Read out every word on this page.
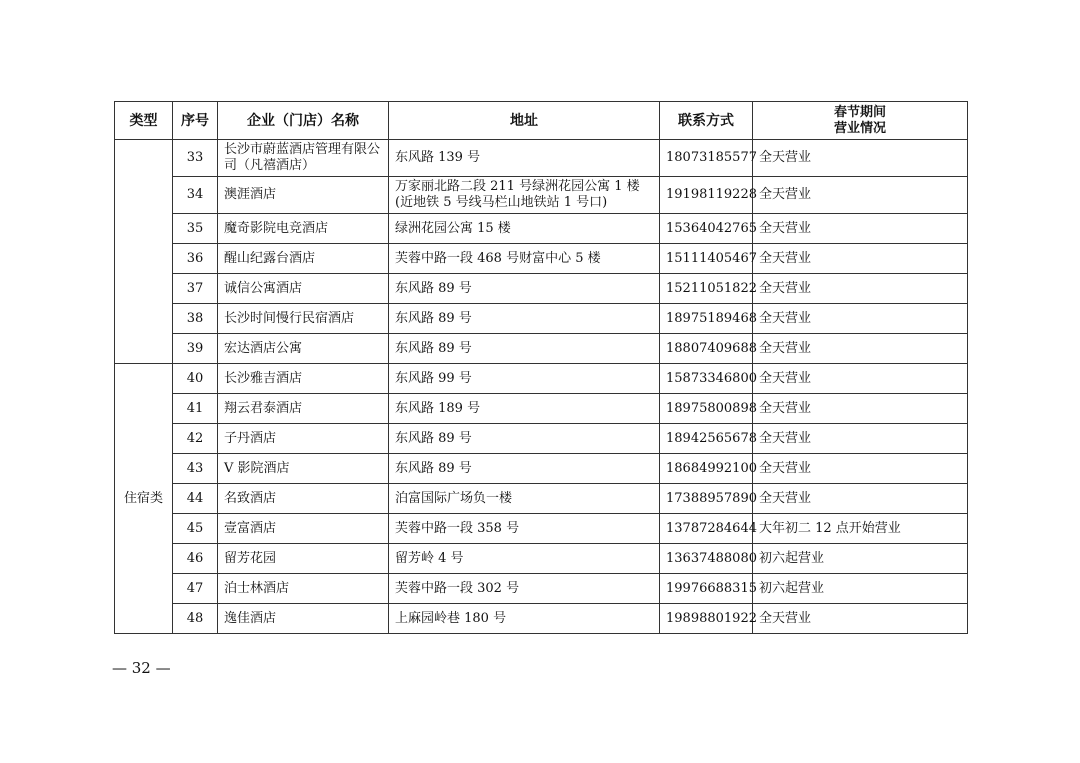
类型	序号	企业（门店）名称	地址	联系方式	春节期间
营业情况

	33	长沙市蔚蓝酒店管理有限公司（凡禧酒店）	东风路 139 号	18073185577	全天营业
	34	澳涯酒店	万家丽北路二段 211 号绿洲花园公寓 1 楼(近地铁 5 号线马栏山地铁站 1 号口)	19198119228	全天营业
	35	魔奇影院电竞酒店	绿洲花园公寓 15 楼	15364042765	全天营业
	36	醒山纪露台酒店	芙蓉中路一段 468 号财富中心 5 楼	15111405467	全天营业
	37	诚信公寓酒店	东风路 89 号	15211051822	全天营业
	38	长沙时间慢行民宿酒店	东风路 89 号	18975189468	全天营业
	39	宏达酒店公寓	东风路 89 号	18807409688	全天营业
住宿类	40	长沙雅吉酒店	东风路 99 号	15873346800	全天营业
	41	翔云君泰酒店	东风路 189 号	18975800898	全天营业
	42	子丹酒店	东风路 89 号	18942565678	全天营业
	43	V 影院酒店	东风路 89 号	18684992100	全天营业
	44	名致酒店	泊富国际广场负一楼	17388957890	全天营业
	45	壹富酒店	芙蓉中路一段 358 号	13787284644	大年初二 12 点开始营业
	46	留芳花园	留芳岭 4 号	13637488080	初六起营业
	47	泊士林酒店	芙蓉中路一段 302 号	19976688315	初六起营业
	48	逸佳酒店	上麻园岭巷 180 号	19898801922	全天营业
— 32 —
